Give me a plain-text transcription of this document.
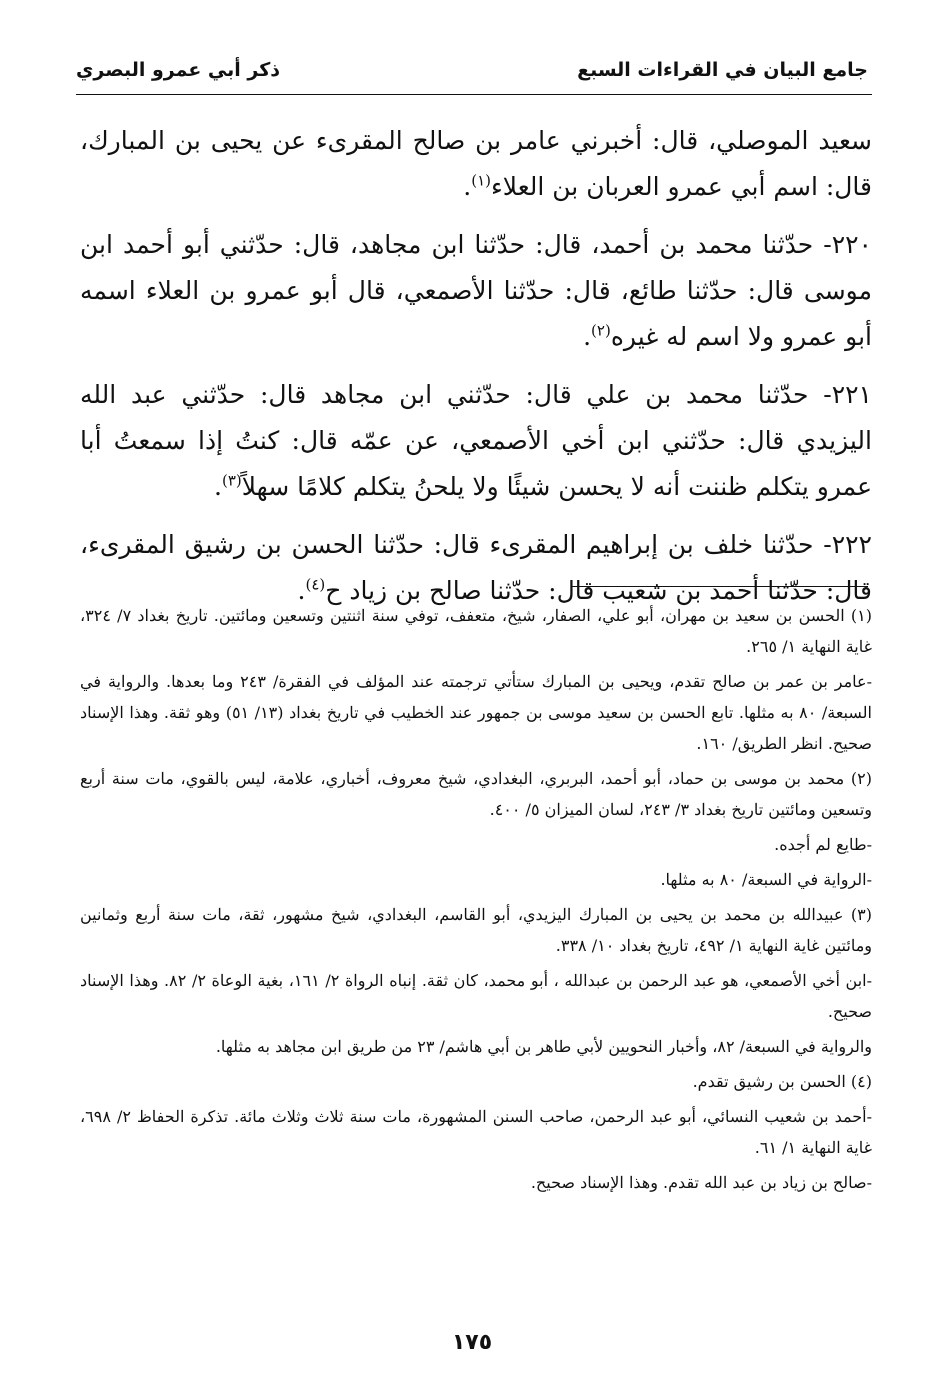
جامع البيان في القراءات السبع
ذكر أبي عمرو البصري

سعيد الموصلي، قال: أخبرني عامر بن صالح المقرىء عن يحيى بن المبارك، قال: اسم أبي عمرو العربان بن العلاء$^{(١)}$.

٢٢٠- حدّثنا محمد بن أحمد، قال: حدّثنا ابن مجاهد، قال: حدّثني أبو أحمد ابن موسى قال: حدّثنا طائع، قال: حدّثنا الأصمعي، قال أبو عمرو بن العلاء اسمه أبو عمرو ولا اسم له غيره$^{(٢)}$.

٢٢١- حدّثنا محمد بن علي قال: حدّثني ابن مجاهد قال: حدّثني عبد الله اليزيدي قال: حدّثني ابن أخي الأصمعي، عن عمّه قال: كنتُ إذا سمعتُ أبا عمرو يتكلم ظننت أنه لا يحسن شيئًا ولا يلحنُ يتكلم كلامًا سهلاً$^{(٣)}$.

٢٢٢- حدّثنا خلف بن إبراهيم المقرىء قال: حدّثنا الحسن بن رشيق المقرىء، قال: حدّثنا أحمد بن شعيب قال: حدّثنا صالح بن زياد ح$^{(٤)}$.

(١) الحسن بن سعيد بن مهران، أبو علي، الصفار، شيخ، متعفف، توفي سنة اثنتين وتسعين ومائتين. تاريخ بغداد ٧/ ٣٢٤، غاية النهاية ١/ ٢٦٥.
-عامر بن عمر بن صالح تقدم، ويحيى بن المبارك ستأتي ترجمته عند المؤلف في الفقرة/ ٢٤٣ وما بعدها. والرواية في السبعة/ ٨٠ به مثلها. تابع الحسن بن سعيد موسى بن جمهور عند الخطيب في تاريخ بغداد (١٣/ ٥١) وهو ثقة. وهذا الإسناد صحيح. انظر الطريق/ ١٦٠.
(٢) محمد بن موسى بن حماد، أبو أحمد، البربري، البغدادي، شيخ معروف، أخباري، علامة، ليس بالقوي، مات سنة أربع وتسعين ومائتين تاريخ بغداد ٣/ ٢٤٣، لسان الميزان ٥/ ٤٠٠.
-طايع لم أجده.
-الرواية في السبعة/ ٨٠ به مثلها.
(٣) عبيدالله بن محمد بن يحيى بن المبارك اليزيدي، أبو القاسم، البغدادي، شيخ مشهور، ثقة، مات سنة أربع وثمانين ومائتين غاية النهاية ١/ ٤٩٢، تاريخ بغداد ١٠/ ٣٣٨.
-ابن أخي الأصمعي، هو عبد الرحمن بن عبدالله ، أبو محمد، كان ثقة. إنباه الرواة ٢/ ١٦١، بغية الوعاة ٢/ ٨٢. وهذا الإسناد صحيح.
والرواية في السبعة/ ٨٢، وأخبار النحويين لأبي طاهر بن أبي هاشم/ ٢٣ من طريق ابن مجاهد به مثلها.
(٤) الحسن بن رشيق تقدم.
-أحمد بن شعيب النسائي، أبو عبد الرحمن، صاحب السنن المشهورة، مات سنة ثلاث وثلاث مائة. تذكرة الحفاظ ٢/ ٦٩٨، غاية النهاية ١/ ٦١.
-صالح بن زياد بن عبد الله تقدم. وهذا الإسناد صحيح.
١٧٥
